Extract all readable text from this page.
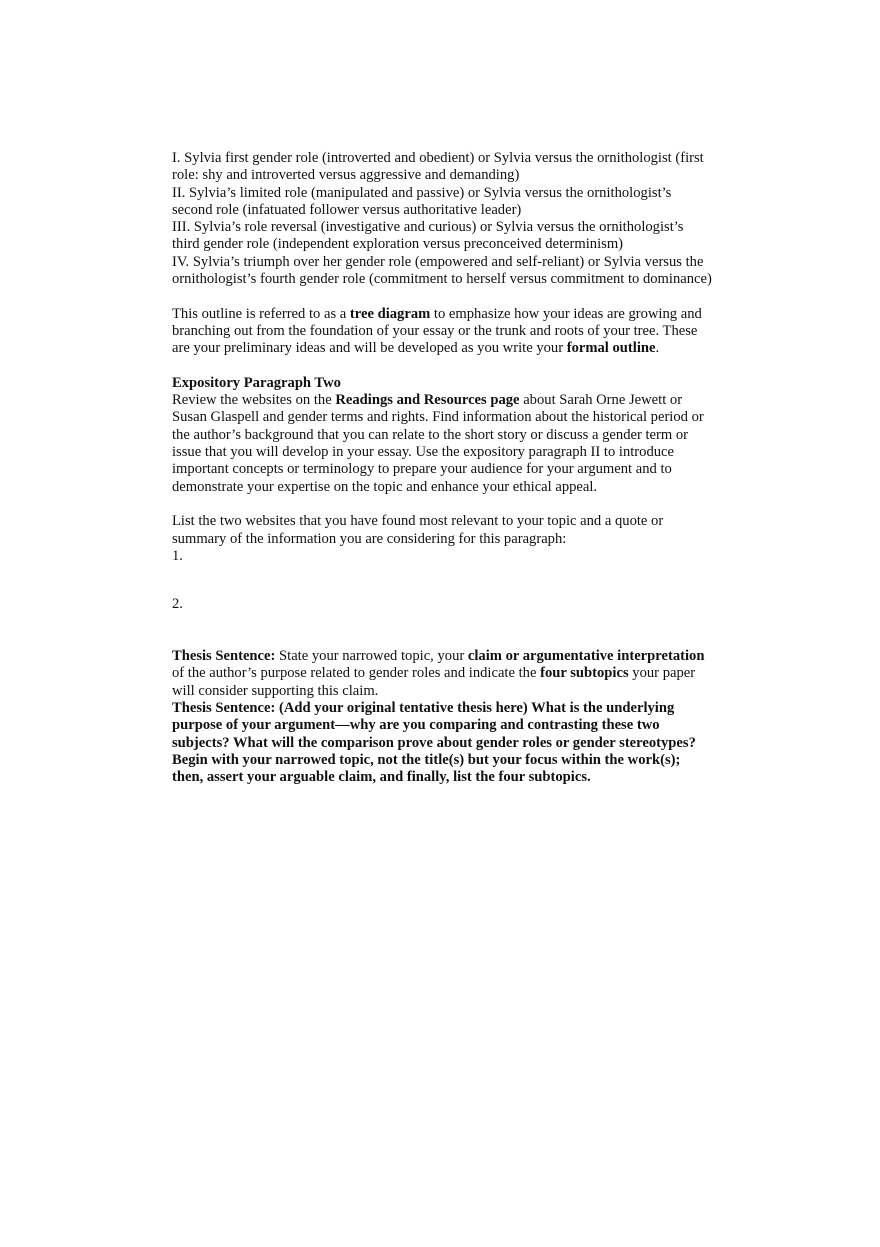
I. Sylvia first gender role (introverted and obedient) or Sylvia versus the ornithologist (first role: shy and introverted versus aggressive and demanding)

II. Sylvia’s limited role (manipulated and passive) or Sylvia versus the ornithologist’s second role (infatuated follower versus authoritative leader)

III. Sylvia’s role reversal (investigative and curious) or Sylvia versus the ornithologist’s third gender role (independent exploration versus preconceived determinism)

IV. Sylvia’s triumph over her gender role (empowered and self-reliant) or Sylvia versus the ornithologist’s fourth gender role (commitment to herself versus commitment to dominance)

This outline is referred to as a tree diagram to emphasize how your ideas are growing and branching out from the foundation of your essay or the trunk and roots of your tree. These are your preliminary ideas and will be developed as you write your formal outline.

Expository Paragraph Two

Review the websites on the Readings and Resources page about Sarah Orne Jewett or Susan Glaspell and gender terms and rights. Find information about the historical period or the author’s background that you can relate to the short story or discuss a gender term or issue that you will develop in your essay. Use the expository paragraph II to introduce important concepts or terminology to prepare your audience for your argument and to demonstrate your expertise on the topic and enhance your ethical appeal.

List the two websites that you have found most relevant to your topic and a quote or summary of the information you are considering for this paragraph:

1.

2.

Thesis Sentence: State your narrowed topic, your claim or argumentative interpretation of the author’s purpose related to gender roles and indicate the four subtopics your paper will consider supporting this claim.

Thesis Sentence: (Add your original tentative thesis here) What is the underlying purpose of your argument—why are you comparing and contrasting these two subjects? What will the comparison prove about gender roles or gender stereotypes? Begin with your narrowed topic, not the title(s) but your focus within the work(s); then, assert your arguable claim, and finally, list the four subtopics.
